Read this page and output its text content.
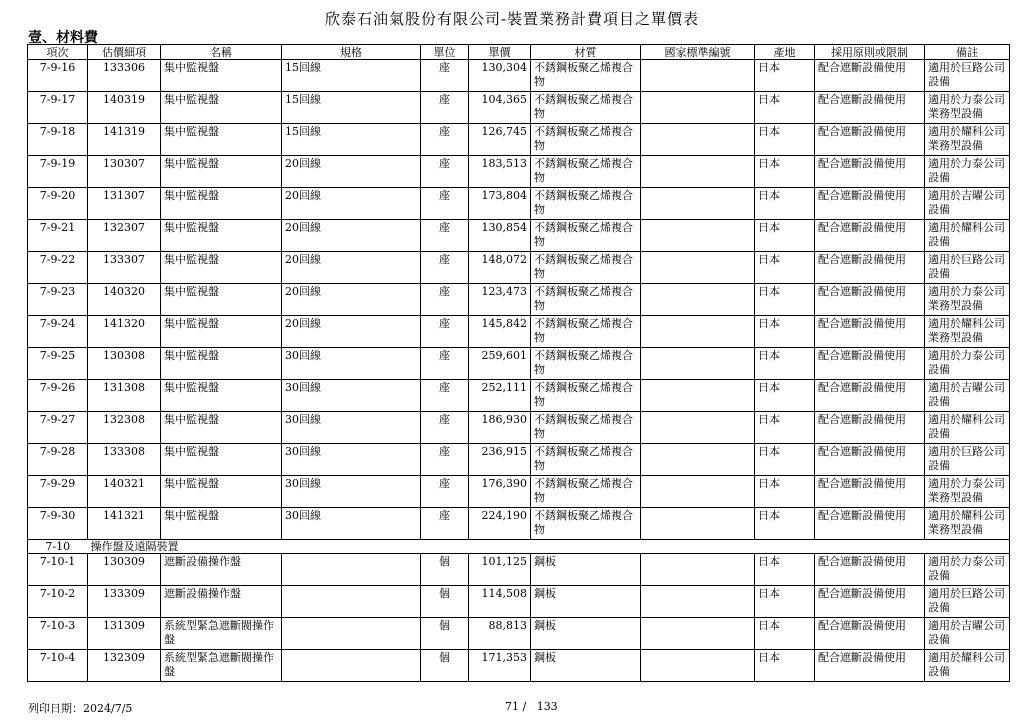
欣泰石油氣股份有限公司-裝置業務計費項目之單價表
壹、材料費
項次	估價細項	名稱	規格	單位	單價	材質	國家標準編號	產地	採用原則或限制	備註
7-9-16	133306	集中監視盤	15回線	座	130,304	不銹鋼板聚乙烯複合物		日本	配合遮斷設備使用	適用於巨路公司設備
7-9-17	140319	集中監視盤	15回線	座	104,365	不銹鋼板聚乙烯複合物		日本	配合遮斷設備使用	適用於力泰公司業務型設備
7-9-18	141319	集中監視盤	15回線	座	126,745	不銹鋼板聚乙烯複合物		日本	配合遮斷設備使用	適用於耀科公司業務型設備
7-9-19	130307	集中監視盤	20回線	座	183,513	不銹鋼板聚乙烯複合物		日本	配合遮斷設備使用	適用於力泰公司設備
7-9-20	131307	集中監視盤	20回線	座	173,804	不銹鋼板聚乙烯複合物		日本	配合遮斷設備使用	適用於吉曜公司設備
7-9-21	132307	集中監視盤	20回線	座	130,854	不銹鋼板聚乙烯複合物		日本	配合遮斷設備使用	適用於耀科公司設備
7-9-22	133307	集中監視盤	20回線	座	148,072	不銹鋼板聚乙烯複合物		日本	配合遮斷設備使用	適用於巨路公司設備
7-9-23	140320	集中監視盤	20回線	座	123,473	不銹鋼板聚乙烯複合物		日本	配合遮斷設備使用	適用於力泰公司業務型設備
7-9-24	141320	集中監視盤	20回線	座	145,842	不銹鋼板聚乙烯複合物		日本	配合遮斷設備使用	適用於耀科公司業務型設備
7-9-25	130308	集中監視盤	30回線	座	259,601	不銹鋼板聚乙烯複合物		日本	配合遮斷設備使用	適用於力泰公司設備
7-9-26	131308	集中監視盤	30回線	座	252,111	不銹鋼板聚乙烯複合物		日本	配合遮斷設備使用	適用於吉曜公司設備
7-9-27	132308	集中監視盤	30回線	座	186,930	不銹鋼板聚乙烯複合物		日本	配合遮斷設備使用	適用於耀科公司設備
7-9-28	133308	集中監視盤	30回線	座	236,915	不銹鋼板聚乙烯複合物		日本	配合遮斷設備使用	適用於巨路公司設備
7-9-29	140321	集中監視盤	30回線	座	176,390	不銹鋼板聚乙烯複合物		日本	配合遮斷設備使用	適用於力泰公司業務型設備
7-9-30	141321	集中監視盤	30回線	座	224,190	不銹鋼板聚乙烯複合物		日本	配合遮斷設備使用	適用於耀科公司業務型設備
7-10	操作盤及遠隔裝置									
7-10-1	130309	遮斷設備操作盤		個	101,125	鋼板		日本	配合遮斷設備使用	適用於力泰公司設備
7-10-2	133309	遮斷設備操作盤		個	114,508	鋼板		日本	配合遮斷設備使用	適用於巨路公司設備
7-10-3	131309	系統型緊急遮斷閥操作盤		個	88,813	鋼板		日本	配合遮斷設備使用	適用於吉曜公司設備
7-10-4	132309	系統型緊急遮斷閥操作盤		個	171,353	鋼板		日本	配合遮斷設備使用	適用於耀科公司設備
列印日期：2024/7/5	71 /   133
